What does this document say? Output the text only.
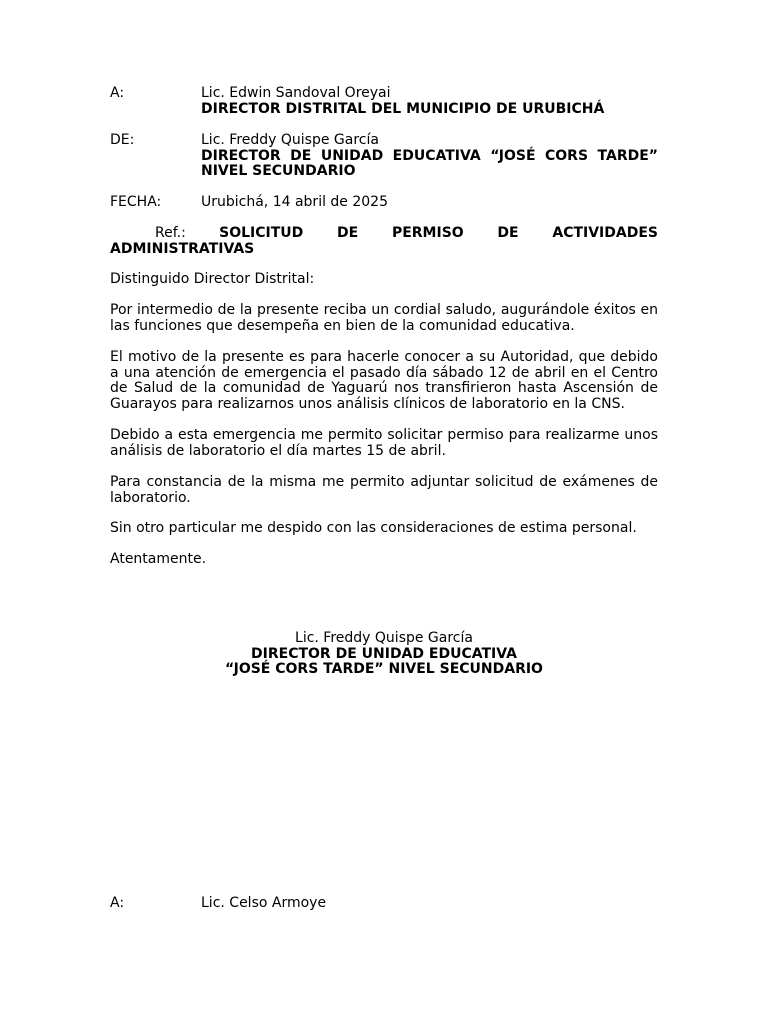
A:	Lic. Edwin Sandoval Oreyai
DIRECTOR DISTRITAL DEL MUNICIPIO DE URUBICHÁ
DE:	Lic. Freddy Quispe García
DIRECTOR DE UNIDAD EDUCATIVA “JOSÉ CORS TARDE”
NIVEL SECUNDARIO
FECHA:	Urubichá, 14 abril de 2025
Ref.: SOLICITUD DE PERMISO DE ACTIVIDADES
ADMINISTRATIVAS

Distinguido Director Distrital:

Por intermedio de la presente reciba un cordial saludo, augurándole éxitos en las funciones que desempeña en bien de la comunidad educativa.

El motivo de la presente es para hacerle conocer a su Autoridad, que debido a una atención de emergencia el pasado día sábado 12 de abril en el Centro de Salud de la comunidad de Yaguarú nos transfirieron hasta Ascensión de Guarayos para realizarnos unos análisis clínicos de laboratorio en la CNS.

Debido a esta emergencia me permito solicitar permiso para realizarme unos análisis de laboratorio el día martes 15 de abril.

Para constancia de la misma me permito adjuntar solicitud de exámenes de laboratorio.

Sin otro particular me despido con las consideraciones de estima personal.

Atentamente.

Lic. Freddy Quispe García
DIRECTOR DE UNIDAD EDUCATIVA
“JOSÉ CORS TARDE” NIVEL SECUNDARIO
A:	Lic. Celso Armoye
